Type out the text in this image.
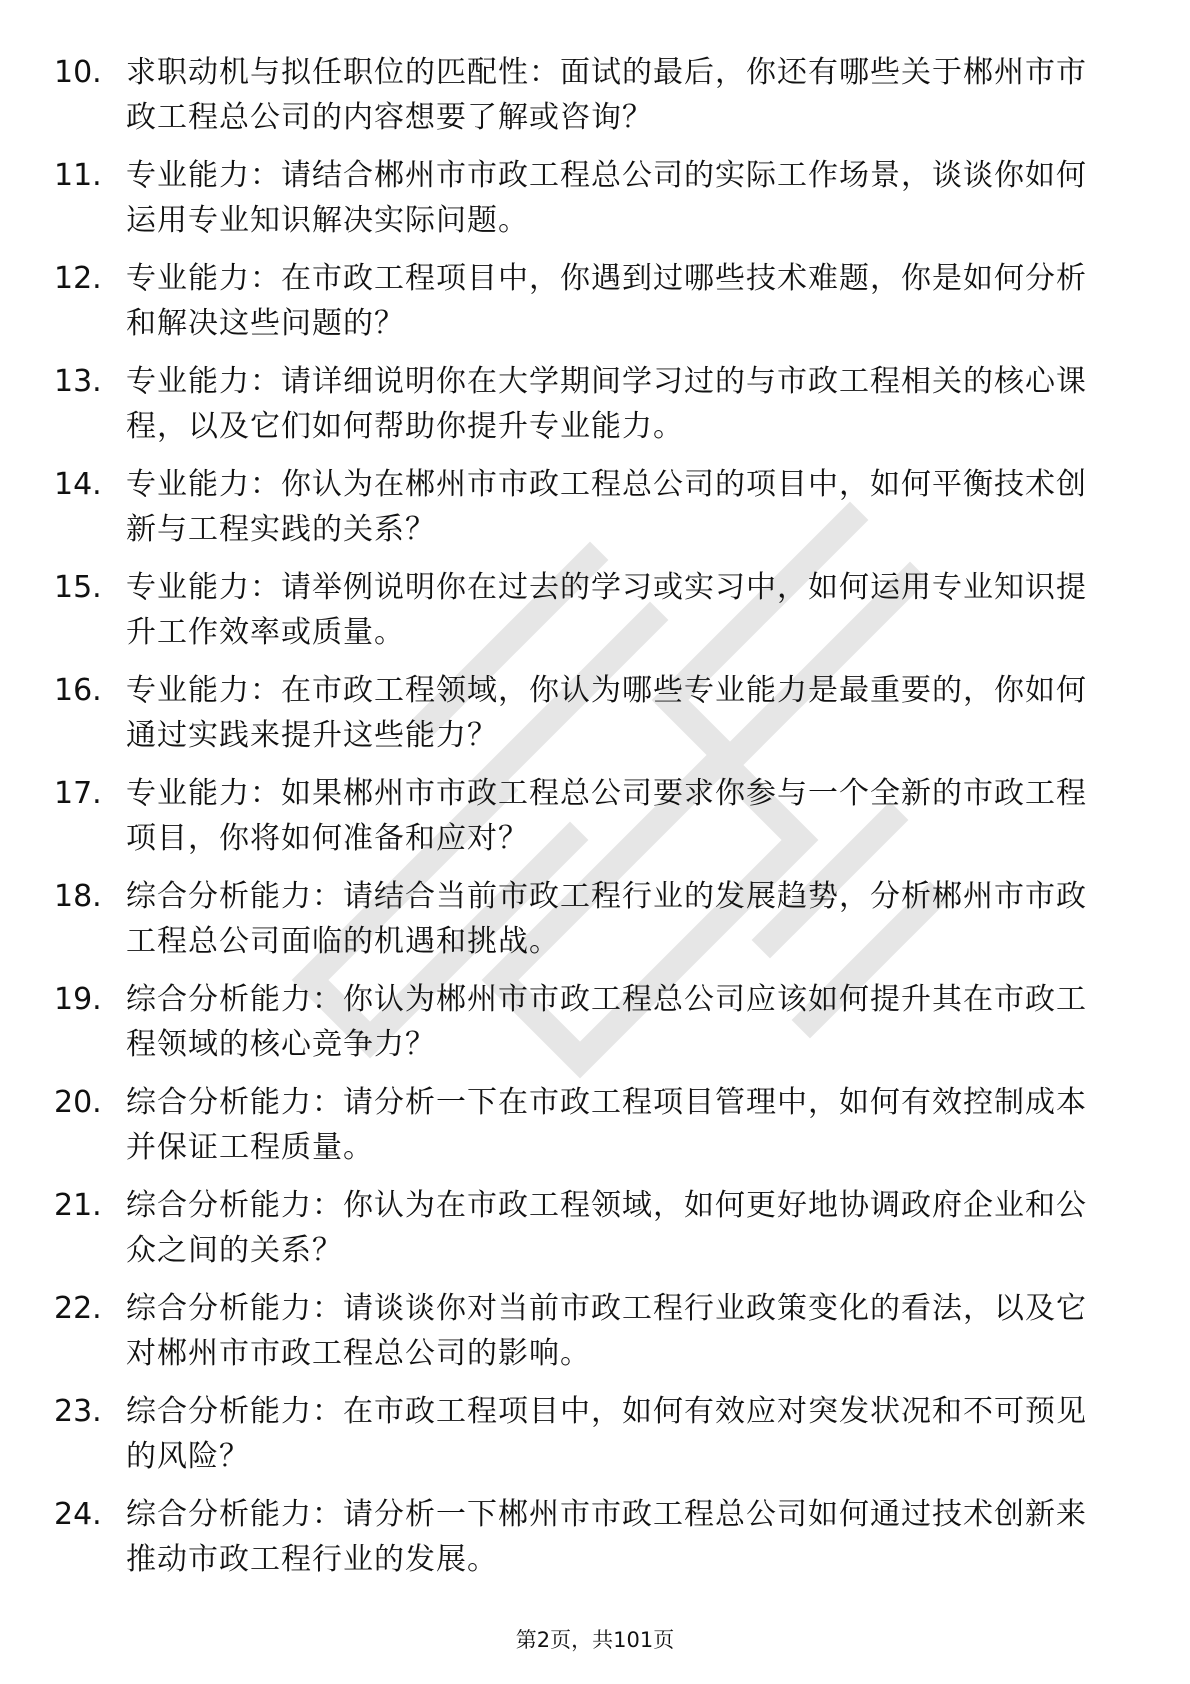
10. 求职动机与拟任职位的匹配性：面试的最后，你还有哪些关于郴州市市政工程总公司的内容想要了解或咨询？
11. 专业能力：请结合郴州市市政工程总公司的实际工作场景，谈谈你如何运用专业知识解决实际问题。
12. 专业能力：在市政工程项目中，你遇到过哪些技术难题，你是如何分析和解决这些问题的？
13. 专业能力：请详细说明你在大学期间学习过的与市政工程相关的核心课程，以及它们如何帮助你提升专业能力。
14. 专业能力：你认为在郴州市市政工程总公司的项目中，如何平衡技术创新与工程实践的关系？
15. 专业能力：请举例说明你在过去的学习或实习中，如何运用专业知识提升工作效率或质量。
16. 专业能力：在市政工程领域，你认为哪些专业能力是最重要的，你如何通过实践来提升这些能力？
17. 专业能力：如果郴州市市政工程总公司要求你参与一个全新的市政工程项目，你将如何准备和应对？
18. 综合分析能力：请结合当前市政工程行业的发展趋势，分析郴州市市政工程总公司面临的机遇和挑战。
19. 综合分析能力：你认为郴州市市政工程总公司应该如何提升其在市政工程领域的核心竞争力？
20. 综合分析能力：请分析一下在市政工程项目管理中，如何有效控制成本并保证工程质量。
21. 综合分析能力：你认为在市政工程领域，如何更好地协调政府企业和公众之间的关系？
22. 综合分析能力：请谈谈你对当前市政工程行业政策变化的看法，以及它对郴州市市政工程总公司的影响。
23. 综合分析能力：在市政工程项目中，如何有效应对突发状况和不可预见的风险？
24. 综合分析能力：请分析一下郴州市市政工程总公司如何通过技术创新来推动市政工程行业的发展。
第2页，共101页
